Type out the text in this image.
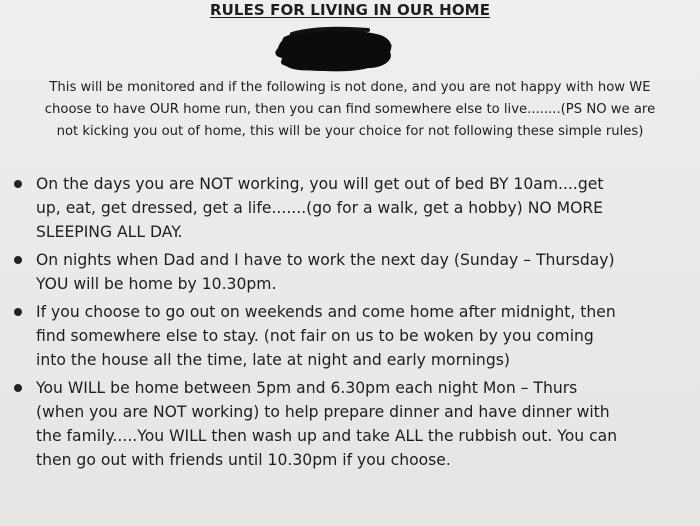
RULES FOR LIVING IN OUR HOME
This will be monitored and if the following is not done, and you are not happy with how WE
choose to have OUR home run, then you can find somewhere else to live........(PS NO we are
not kicking you out of home, this will be your choice for not following these simple rules)
On the days you are NOT working, you will get out of bed BY 10am....get
up, eat, get dressed, get a life.......(go for a walk, get a hobby) NO MORE
SLEEPING ALL DAY.
On nights when Dad and I have to work the next day (Sunday – Thursday)
YOU will be home by 10.30pm.
If you choose to go out on weekends and come home after midnight, then
find somewhere else to stay. (not fair on us to be woken by you coming
into the house all the time, late at night and early mornings)
You WILL be home between 5pm and 6.30pm each night Mon – Thurs
(when you are NOT working) to help prepare dinner and have dinner with
the family.....You WILL then wash up and take ALL the rubbish out. You can
then go out with friends until 10.30pm if you choose.
